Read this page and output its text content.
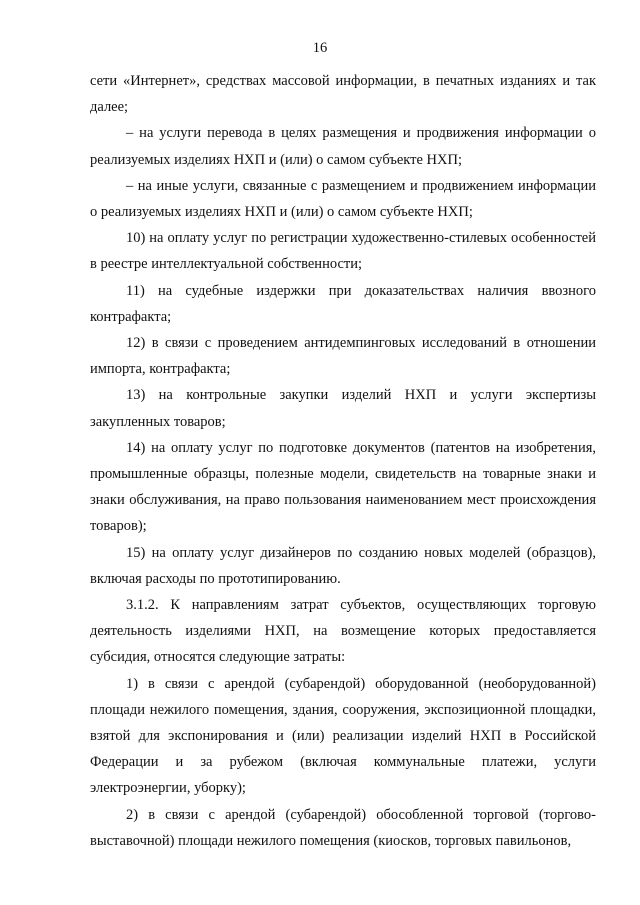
16

сети «Интернет», средствах массовой информации, в печатных изданиях и так далее;

– на услуги перевода в целях размещения и продвижения информации о реализуемых изделиях НХП и (или) о самом субъекте НХП;

– на иные услуги, связанные с размещением и продвижением информации о реализуемых изделиях НХП и (или) о самом субъекте НХП;

10) на оплату услуг по регистрации художественно-стилевых особенностей в реестре интеллектуальной собственности;

11) на судебные издержки при доказательствах наличия ввозного контрафакта;

12) в связи с проведением антидемпинговых исследований в отношении импорта, контрафакта;

13) на контрольные закупки изделий НХП и услуги экспертизы закупленных товаров;

14) на оплату услуг по подготовке документов (патентов на изобретения, промышленные образцы, полезные модели, свидетельств на товарные знаки и знаки обслуживания, на право пользования наименованием мест происхождения товаров);

15) на оплату услуг дизайнеров по созданию новых моделей (образцов), включая расходы по прототипированию.

3.1.2. К направлениям затрат субъектов, осуществляющих торговую деятельность изделиями НХП, на возмещение которых предоставляется субсидия, относятся следующие затраты:

1) в связи с арендой (субарендой) оборудованной (необорудованной) площади нежилого помещения, здания, сооружения, экспозиционной площадки, взятой для экспонирования и (или) реализации изделий НХП в Российской Федерации и за рубежом (включая коммунальные платежи, услуги электроэнергии, уборку);

2) в связи с арендой (субарендой) обособленной торговой (торгово-выставочной) площади нежилого помещения (киосков, торговых павильонов,
